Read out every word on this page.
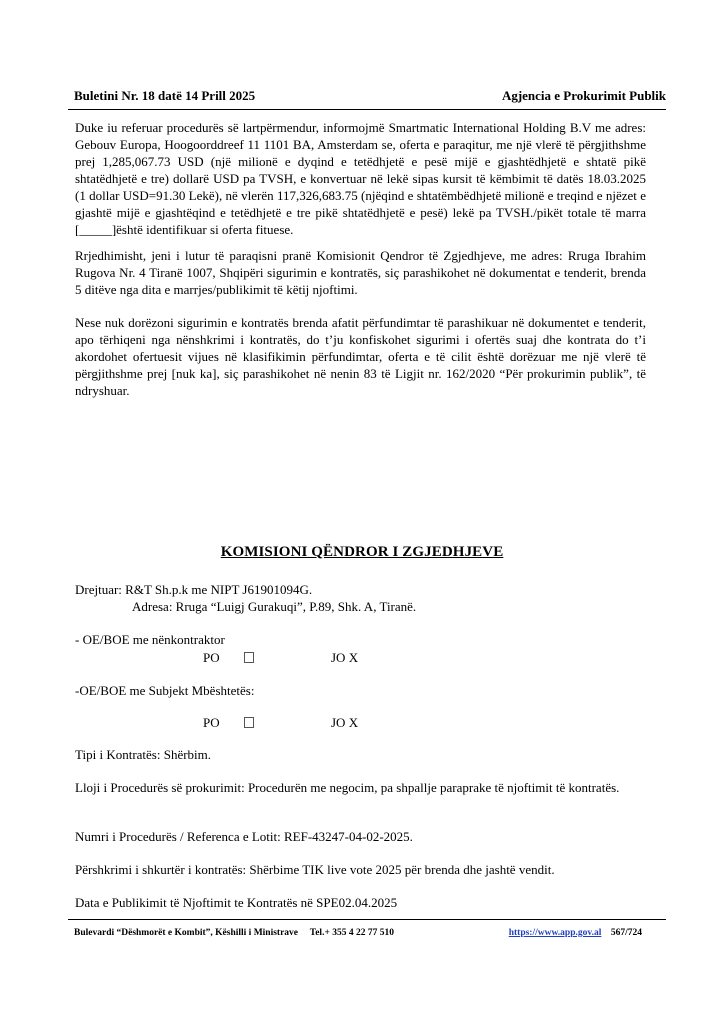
Buletini Nr. 18 datë 14 Prill 2025	Agjencia e Prokurimit Publik
Duke iu referuar procedurës së lartpërmendur, informojmë Smartmatic International Holding B.V me adres: Gebouv Europa, Hoogoorddreef 11 1101 BA, Amsterdam se, oferta e paraqitur, me një vlerë të përgjithshme prej 1,285,067.73 USD (një milionë e dyqind e tetëdhjetë e pesë mijë e gjashtëdhjetë e shtatë pikë shtatëdhjetë e tre) dollarë USD pa TVSH, e konvertuar në lekë sipas kursit të këmbimit të datës 18.03.2025 (1 dollar USD=91.30 Lekë), në vlerën 117,326,683.75 (njëqind e shtatëmbëdhjetë milionë e treqind e njëzet e gjashtë mijë e gjashtëqind e tetëdhjetë e tre pikë shtatëdhjetë e pesë) lekë pa TVSH./pikët totale të marra [_____]është identifikuar si oferta fituese.
Rrjedhimisht, jeni i lutur të paraqisni pranë Komisionit Qendror të Zgjedhjeve, me adres: Rruga Ibrahim Rugova Nr. 4 Tiranë 1007, Shqipëri sigurimin e kontratës, siç parashikohet në dokumentat e tenderit, brenda 5 ditëve nga dita e marrjes/publikimit të këtij njoftimi.
Nese nuk dorëzoni sigurimin e kontratës brenda afatit përfundimtar të parashikuar në dokumentet e tenderit, apo tërhiqeni nga nënshkrimi i kontratës, do t’ju konfiskohet sigurimi i ofertës suaj dhe kontrata do t’i akordohet ofertuesit vijues në klasifikimin përfundimtar, oferta e të cilit është dorëzuar me një vlerë të përgjithshme prej [nuk ka], siç parashikohet në nenin 83 të Ligjit nr. 162/2020 “Për prokurimin publik”, të ndryshuar.
KOMISIONI QËNDROR I ZGJEDHJEVE
Drejtuar: R&T Sh.p.k me NIPT J61901094G.
Adresa: Rruga “Luigj Gurakuqi”, P.89, Shk. A, Tiranë.
- OE/BOE me nënkontraktor
PO	JO X
-OE/BOE me Subjekt Mbështetës:
PO	JO X
Tipi i Kontratës: Shërbim.
Lloji i Procedurës së prokurimit: Procedurën me negocim, pa shpallje paraprake të njoftimit të kontratës.
Numri i Procedurës / Referenca e Lotit: REF-43247-04-02-2025.
Përshkrimi i shkurtër i kontratës: Shërbime TIK live vote 2025 për brenda dhe jashtë vendit.
Data e Publikimit të Njoftimit te Kontratës në SPE02.04.2025
Bulevardi “Dëshmorët e Kombit”, Këshilli i Ministrave Tel.+ 355 4 22 77 510	https://www.app.gov.al 567/724
